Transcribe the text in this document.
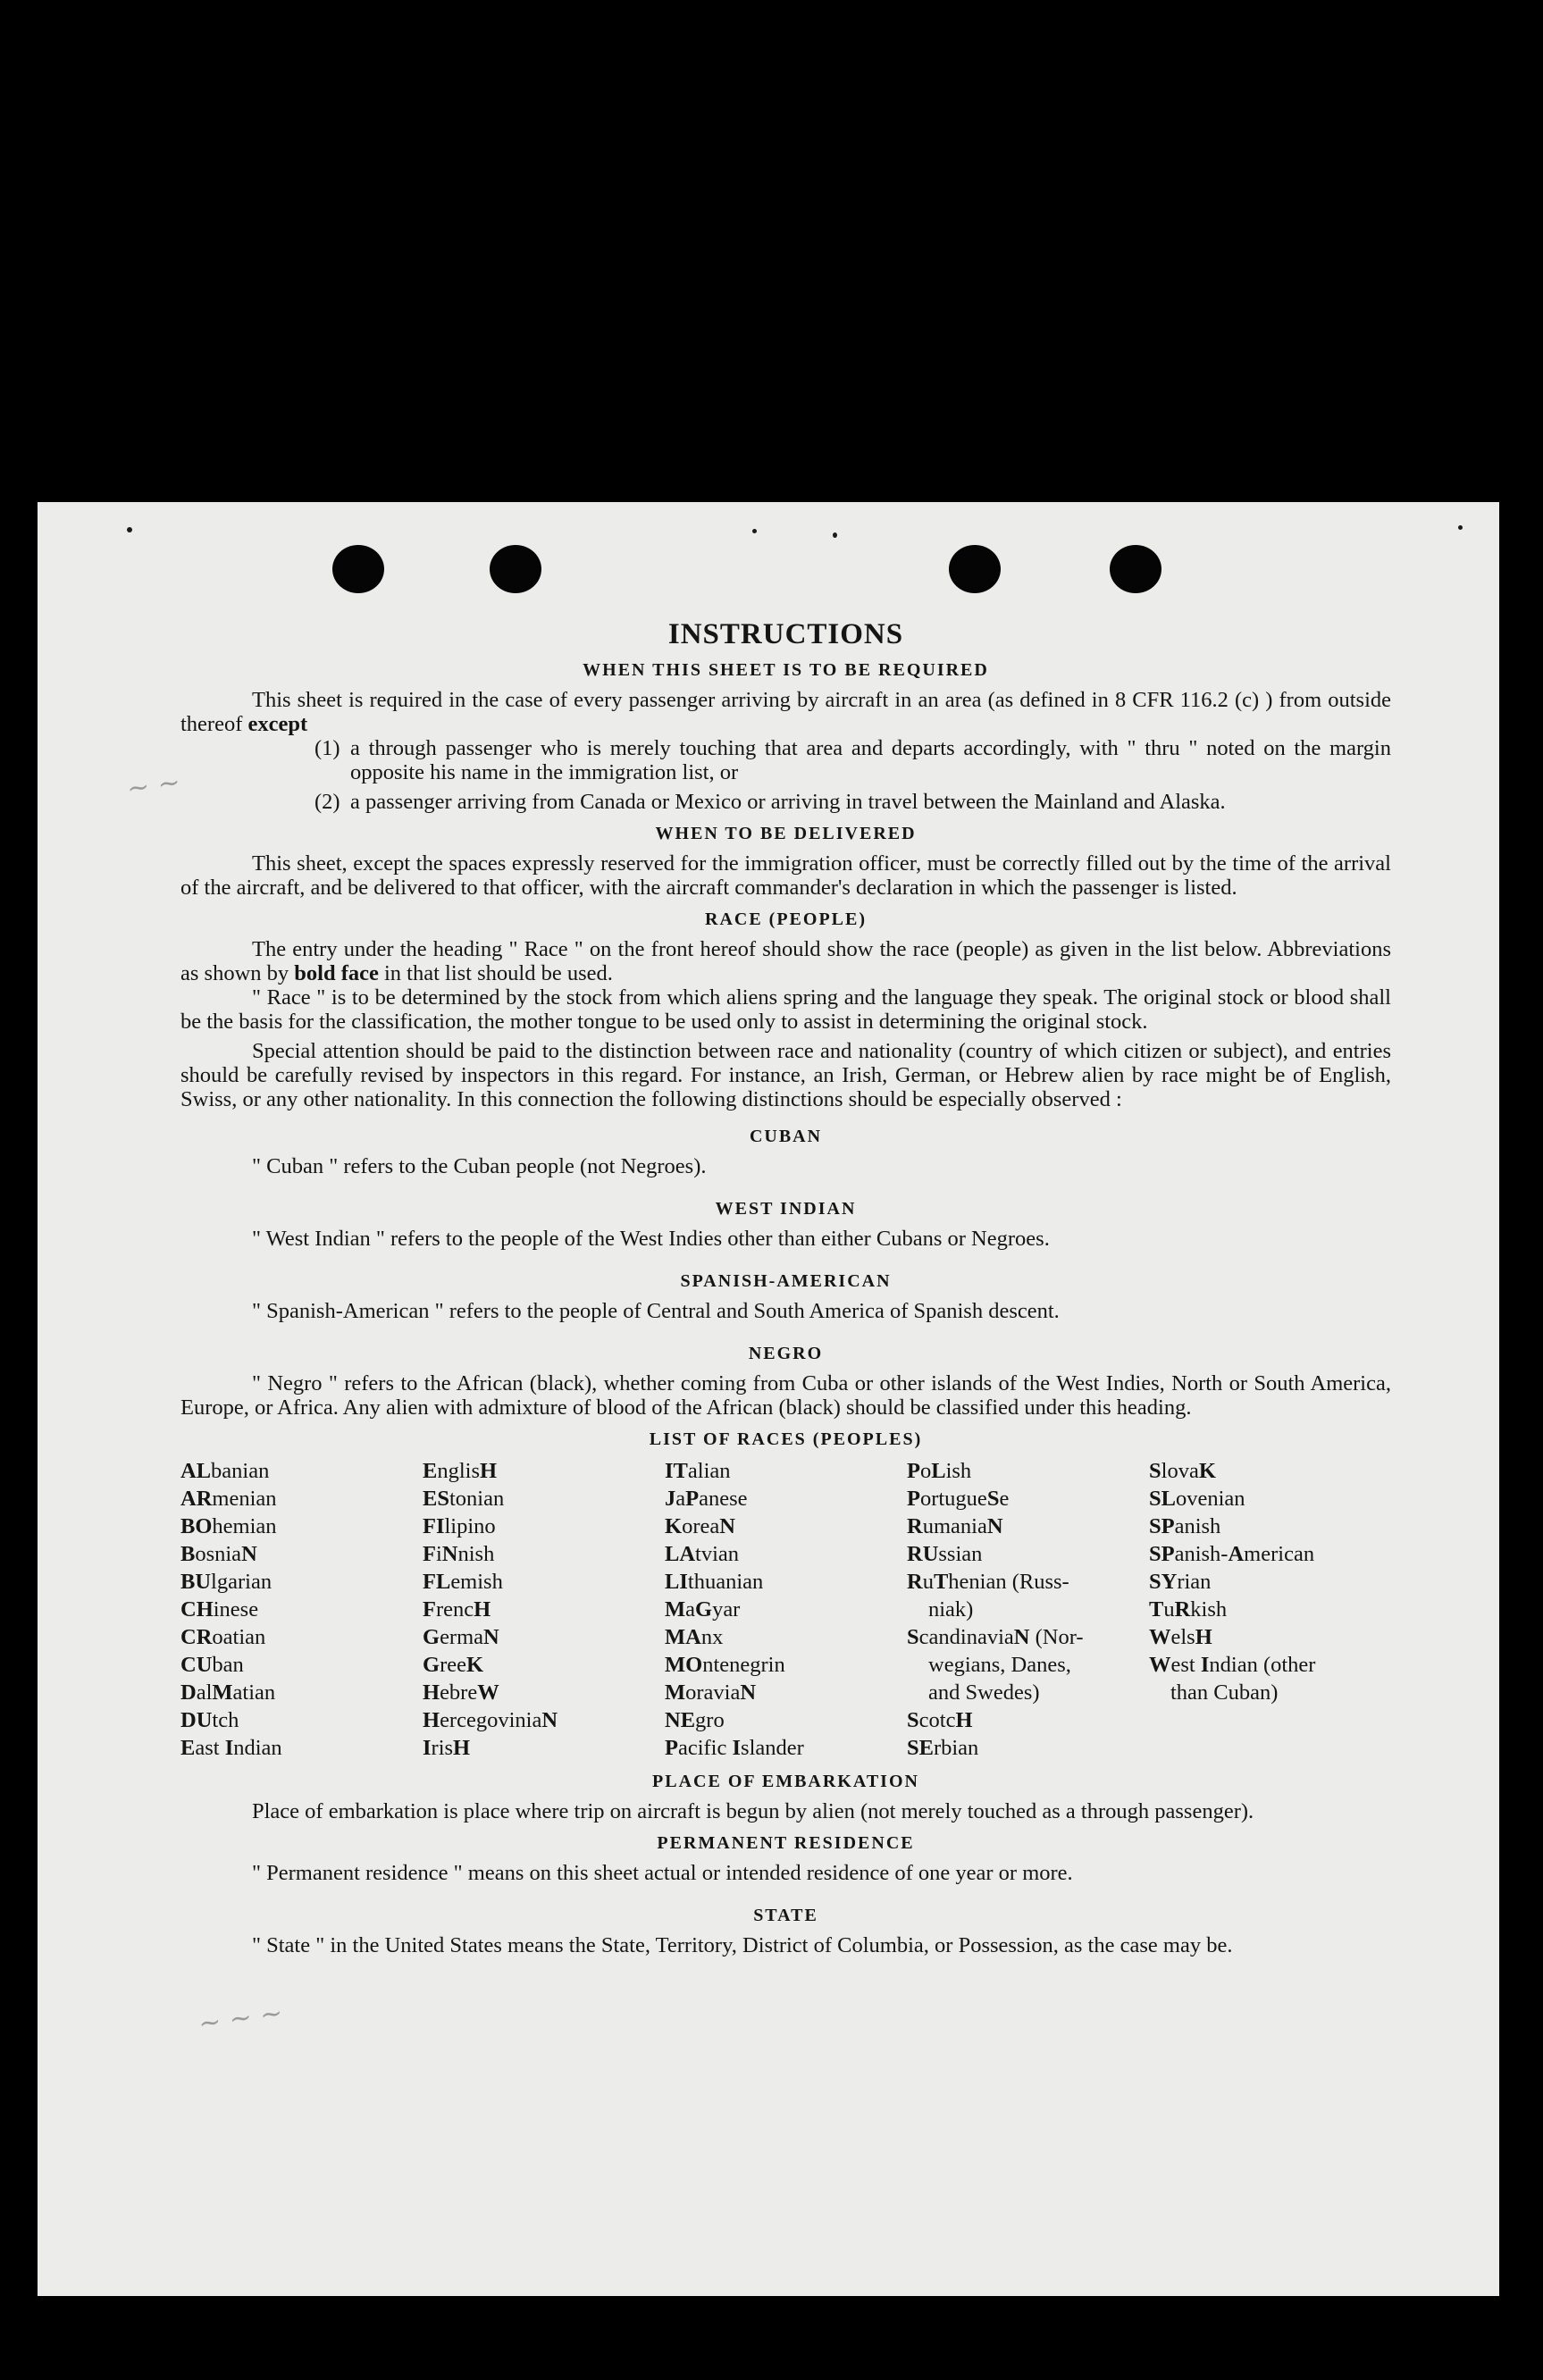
~ ~
~ ~ ~
INSTRUCTIONS
WHEN THIS SHEET IS TO BE REQUIRED

This sheet is required in the case of every passenger arriving by aircraft in an area (as defined in 8 CFR 116.2 (c) ) from outside thereof except

(1) a through passenger who is merely touching that area and departs accordingly, with " thru " noted on the margin opposite his name in the immigration list, or
(2) a passenger arriving from Canada or Mexico or arriving in travel between the Mainland and Alaska.
WHEN TO BE DELIVERED

This sheet, except the spaces expressly reserved for the immigration officer, must be correctly filled out by the time of the arrival of the aircraft, and be delivered to that officer, with the aircraft commander's declaration in which the passenger is listed.

RACE (PEOPLE)

The entry under the heading " Race " on the front hereof should show the race (people) as given in the list below. Abbreviations as shown by bold face in that list should be used.

" Race " is to be determined by the stock from which aliens spring and the language they speak. The original stock or blood shall be the basis for the classification, the mother tongue to be used only to assist in determining the original stock.

Special attention should be paid to the distinction between race and nationality (country of which citizen or subject), and entries should be carefully revised by inspectors in this regard. For instance, an Irish, German, or Hebrew alien by race might be of English, Swiss, or any other nationality. In this connection the following distinctions should be especially observed :

CUBAN

" Cuban " refers to the Cuban people (not Negroes).

WEST INDIAN

" West Indian " refers to the people of the West Indies other than either Cubans or Negroes.

SPANISH-AMERICAN

" Spanish-American " refers to the people of Central and South America of Spanish descent.

NEGRO

" Negro " refers to the African (black), whether coming from Cuba or other islands of the West Indies, North or South America, Europe, or Africa. Any alien with admixture of blood of the African (black) should be classified under this heading.

LIST OF RACES (PEOPLES)
ALbanian
ARmenian
BOhemian
BosniaN
BUlgarian
CHinese
CRoatian
CUban
DalMatian
DUtch
East Indian
EnglisH
EStonian
FIlipino
FiNnish
FLemish
FrencH
GermaN
GreeK
HebreW
HercegoviniaN
IrisH
ITalian
JaPanese
KoreaN
LAtvian
LIthuanian
MaGyar
MAnx
MOntenegrin
MoraviaN
NEgro
Pacific Islander
PoLish
PortugueSe
RumaniaN
RUssian
RuThenian (Russ-
niak)
ScandinaviaN (Nor-
wegians, Danes,
and Swedes)
ScotcH
SErbian
SlovaK
SLovenian
SPanish
SPanish-American
SYrian
TuRkish
WelsH
West Indian (other
than Cuban)
PLACE OF EMBARKATION

Place of embarkation is place where trip on aircraft is begun by alien (not merely touched as a through passenger).

PERMANENT RESIDENCE

" Permanent residence " means on this sheet actual or intended residence of one year or more.

STATE

" State " in the United States means the State, Territory, District of Columbia, or Possession, as the case may be.
